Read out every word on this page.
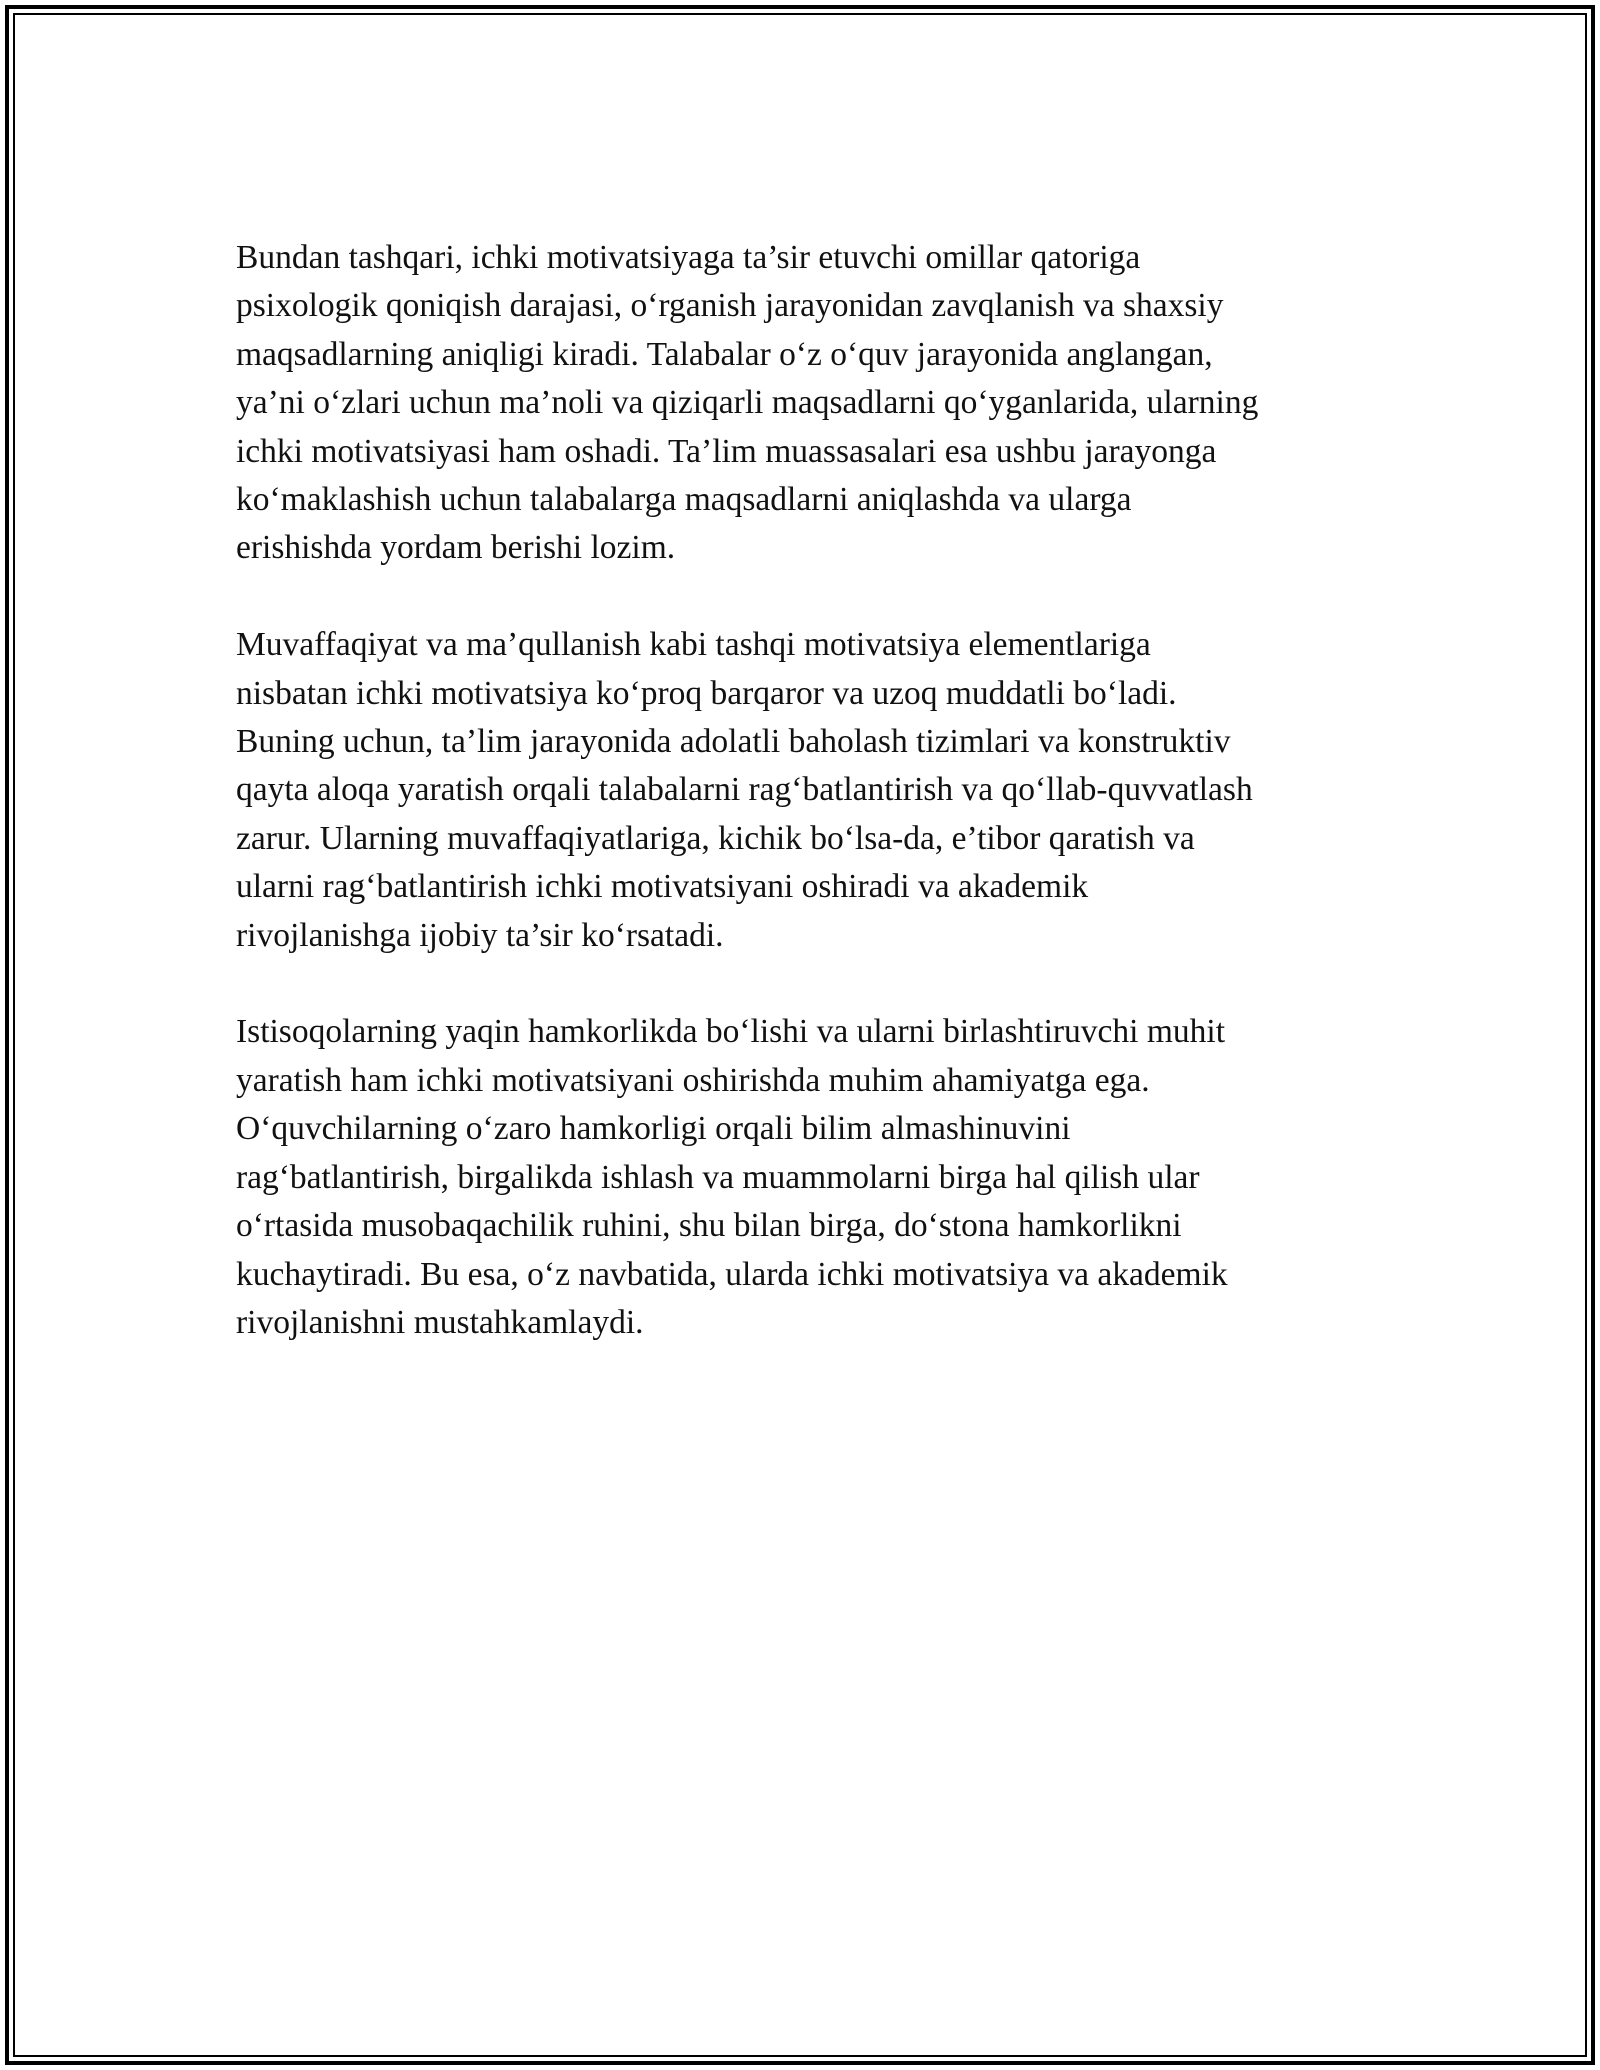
Bundan tashqari, ichki motivatsiyaga ta’sir etuvchi omillar qatoriga
psixologik qoniqish darajasi, o‘rganish jarayonidan zavqlanish va shaxsiy
maqsadlarning aniqligi kiradi. Talabalar o‘z o‘quv jarayonida anglangan,
ya’ni o‘zlari uchun ma’noli va qiziqarli maqsadlarni qo‘yganlarida, ularning
ichki motivatsiyasi ham oshadi. Ta’lim muassasalari esa ushbu jarayonga
ko‘maklashish uchun talabalarga maqsadlarni aniqlashda va ularga
erishishda yordam berishi lozim.

Muvaffaqiyat va ma’qullanish kabi tashqi motivatsiya elementlariga
nisbatan ichki motivatsiya ko‘proq barqaror va uzoq muddatli bo‘ladi.
Buning uchun, ta’lim jarayonida adolatli baholash tizimlari va konstruktiv
qayta aloqa yaratish orqali talabalarni rag‘batlantirish va qo‘llab-quvvatlash
zarur. Ularning muvaffaqiyatlariga, kichik bo‘lsa-da, e’tibor qaratish va
ularni rag‘batlantirish ichki motivatsiyani oshiradi va akademik
rivojlanishga ijobiy ta’sir ko‘rsatadi.

Istisoqolarning yaqin hamkorlikda bo‘lishi va ularni birlashtiruvchi muhit
yaratish ham ichki motivatsiyani oshirishda muhim ahamiyatga ega.
O‘quvchilarning o‘zaro hamkorligi orqali bilim almashinuvini
rag‘batlantirish, birgalikda ishlash va muammolarni birga hal qilish ular
o‘rtasida musobaqachilik ruhini, shu bilan birga, do‘stona hamkorlikni
kuchaytiradi. Bu esa, o‘z navbatida, ularda ichki motivatsiya va akademik
rivojlanishni mustahkamlaydi.
